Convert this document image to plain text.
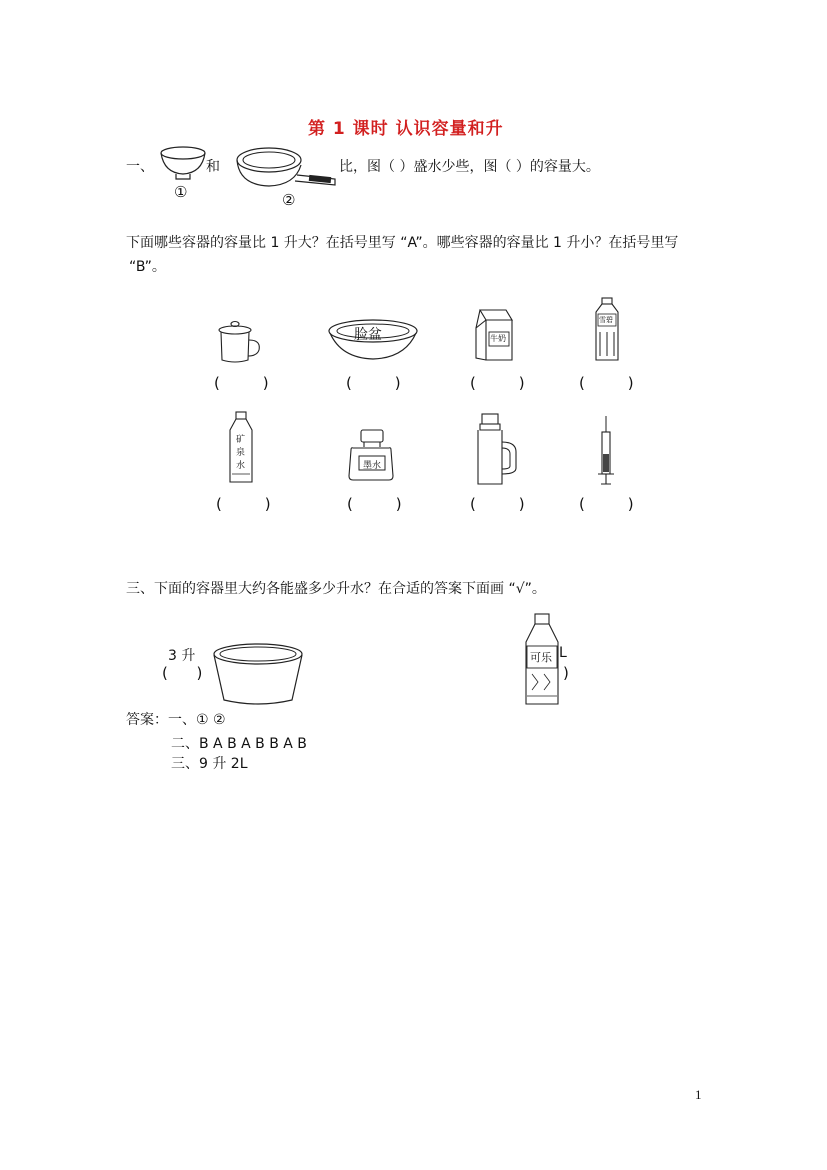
第 1 课时 认识容量和升
一、
①
和
②
比，图（ ）盛水少些，图（ ）的容量大。
下面哪些容器的容量比 1 升大？在括号里写 “A”。哪些容器的容量比 1 升小？在括号里写
“B”。
脸盆	牛奶
雪碧
(         )	(         )	(         )	(         )
矿泉水	墨水
(         )	(         )	(         )	(         )
三、下面的容器里大约各能盛多少升水？在合适的答案下面画 “√”。
3 升
(      )
可乐 L
)
答案：一、① ②
二、B A B A B B A B
三、9 升 2L
1
